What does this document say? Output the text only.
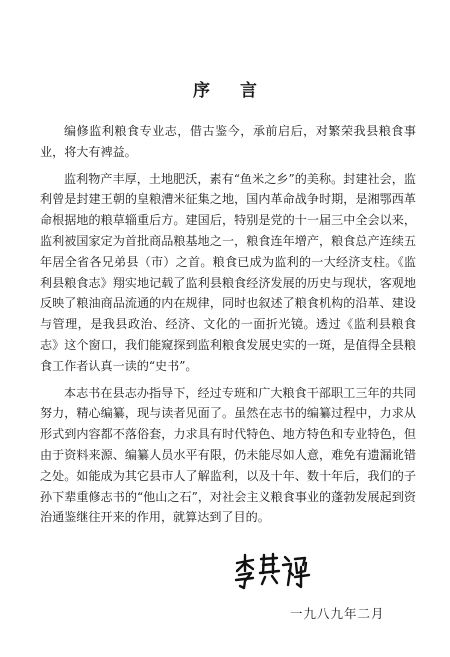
序 言

编修监利粮食专业志，借古鉴今，承前启后，对繁荣我县粮食事业，将大有裨益。

监利物产丰厚，土地肥沃，素有“鱼米之乡”的美称。封建社会，监利曾是封建王朝的皇粮漕米征集之地，国内革命战争时期，是湘鄂西革命根据地的粮草辎重后方。建国后，特别是党的十一届三中全会以来，监利被国家定为首批商品粮基地之一，粮食连年增产，粮食总产连续五年居全省各兄弟县（市）之首。粮食已成为监利的一大经济支柱。《监利县粮食志》翔实地记载了监利县粮食经济发展的历史与现状，客观地反映了粮油商品流通的内在规律，同时也叙述了粮食机构的沿革、建设与管理，是我县政治、经济、文化的一面折光镜。透过《监利县粮食志》这个窗口，我们能窥探到监利粮食发展史实的一斑，是值得全县粮食工作者认真一读的“史书”。

本志书在县志办指导下，经过专班和广大粮食干部职工三年的共同努力，精心编纂，现与读者见面了。虽然在志书的编纂过程中，力求从形式到内容都不落俗套，力求具有时代特色、地方特色和专业特色，但由于资料来源、编纂人员水平有限，仍未能尽如人意，难免有遗漏讹错之处。如能成为其它县市人了解监利，以及十年、数十年后，我们的子孙下辈重修志书的“他山之石”，对社会主义粮食事业的蓬勃发展起到资治通鉴继往开来的作用，就算达到了目的。

一九八九年二月
